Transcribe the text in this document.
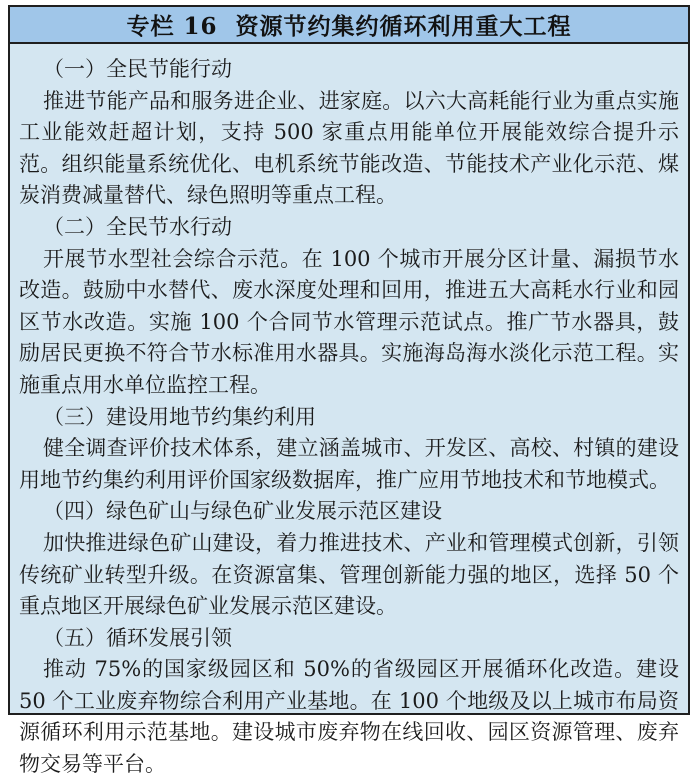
专栏 16 资源节约集约循环利用重大工程
（一）全民节能行动
推进节能产品和服务进企业、进家庭。以六大高耗能行业为重点实施工业能效赶超计划，支持 500 家重点用能单位开展能效综合提升示范。组织能量系统优化、电机系统节能改造、节能技术产业化示范、煤炭消费减量替代、绿色照明等重点工程。
（二）全民节水行动
开展节水型社会综合示范。在 100 个城市开展分区计量、漏损节水改造。鼓励中水替代、废水深度处理和回用，推进五大高耗水行业和园区节水改造。实施 100 个合同节水管理示范试点。推广节水器具，鼓励居民更换不符合节水标准用水器具。实施海岛海水淡化示范工程。实施重点用水单位监控工程。
（三）建设用地节约集约利用
健全调查评价技术体系，建立涵盖城市、开发区、高校、村镇的建设用地节约集约利用评价国家级数据库，推广应用节地技术和节地模式。
（四）绿色矿山与绿色矿业发展示范区建设
加快推进绿色矿山建设，着力推进技术、产业和管理模式创新，引领传统矿业转型升级。在资源富集、管理创新能力强的地区，选择 50 个重点地区开展绿色矿业发展示范区建设。
（五）循环发展引领
推动 75%的国家级园区和 50%的省级园区开展循环化改造。建设 50 个工业废弃物综合利用产业基地。在 100 个地级及以上城市布局资源循环利用示范基地。建设城市废弃物在线回收、园区资源管理、废弃物交易等平台。
